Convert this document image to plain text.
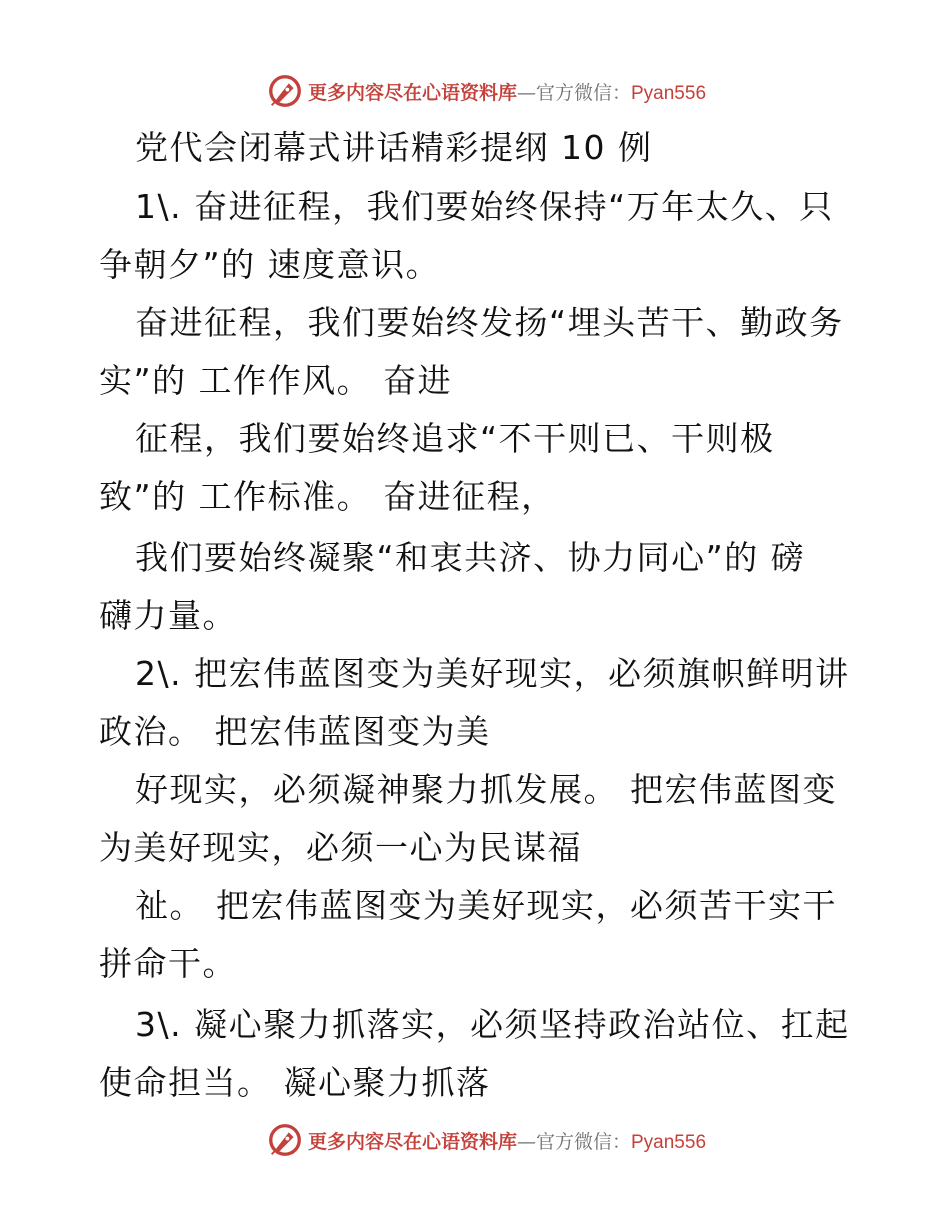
更多内容尽在心语资料库—官方微信：Pyan556
党代会闭幕式讲话精彩提纲 10 例
1\. 奋进征程，我们要始终保持“万年太久、只
争朝夕”的 速度意识。
奋进征程，我们要始终发扬“埋头苦干、勤政务
实”的 工作作风。 奋进
征程，我们要始终追求“不干则已、干则极
致”的 工作标准。 奋进征程，
我们要始终凝聚“和衷共济、协力同心”的 磅
礴力量。
2\. 把宏伟蓝图变为美好现实，必须旗帜鲜明讲
政治。 把宏伟蓝图变为美
好现实，必须凝神聚力抓发展。 把宏伟蓝图变
为美好现实，必须一心为民谋福
祉。 把宏伟蓝图变为美好现实，必须苦干实干
拼命干。
3\. 凝心聚力抓落实，必须坚持政治站位、扛起
使命担当。 凝心聚力抓落
更多内容尽在心语资料库—官方微信：Pyan556
